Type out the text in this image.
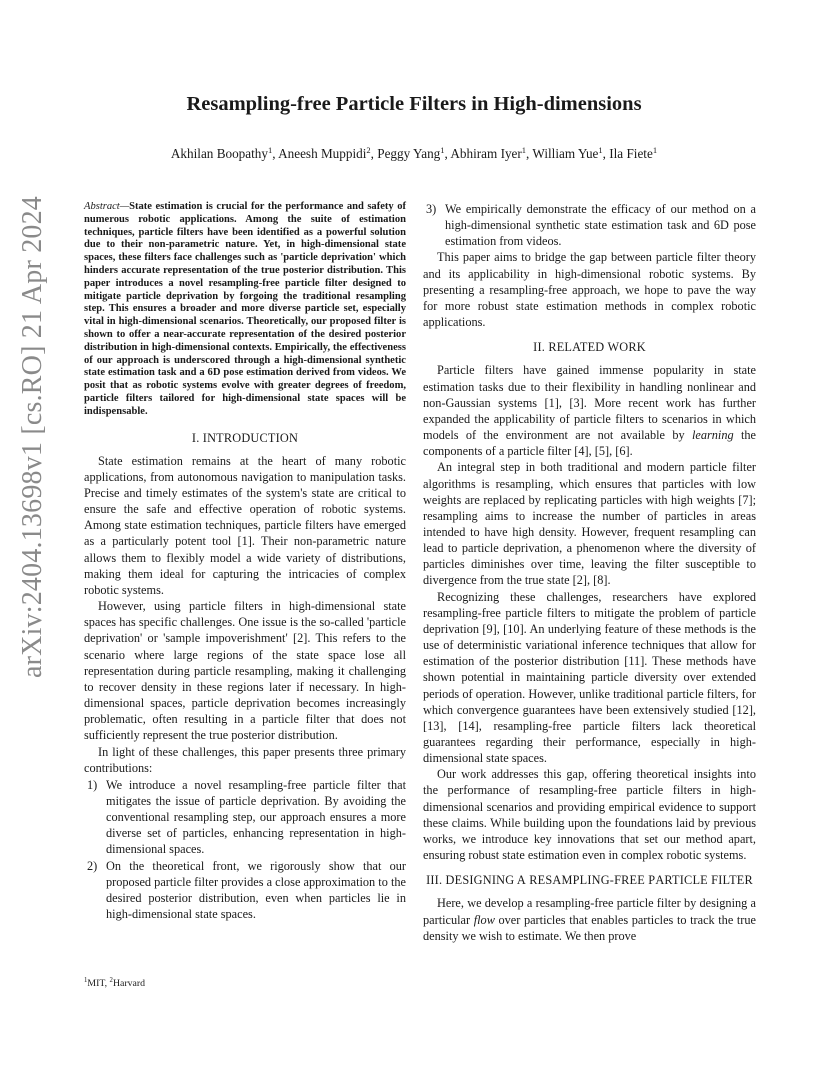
arXiv:2404.13698v1 [cs.RO] 21 Apr 2024
Resampling-free Particle Filters in High-dimensions
Akhilan Boopathy$^1$, Aneesh Muppidi$^2$, Peggy Yang$^1$, Abhiram Iyer$^1$, William Yue$^1$, Ila Fiete$^1$

Abstract—State estimation is crucial for the performance and safety of numerous robotic applications. Among the suite of estimation techniques, particle filters have been identified as a powerful solution due to their non-parametric nature. Yet, in high-dimensional state spaces, these filters face challenges such as 'particle deprivation' which hinders accurate representation of the true posterior distribution. This paper introduces a novel resampling-free particle filter designed to mitigate particle deprivation by forgoing the traditional resampling step. This ensures a broader and more diverse particle set, especially vital in high-dimensional scenarios. Theoretically, our proposed filter is shown to offer a near-accurate representation of the desired posterior distribution in high-dimensional contexts. Empirically, the effectiveness of our approach is underscored through a high-dimensional synthetic state estimation task and a 6D pose estimation derived from videos. We posit that as robotic systems evolve with greater degrees of freedom, particle filters tailored for high-dimensional state spaces will be indispensable.

I. INTRODUCTION

State estimation remains at the heart of many robotic applications, from autonomous navigation to manipulation tasks. Precise and timely estimates of the system's state are critical to ensure the safe and effective operation of robotic systems. Among state estimation techniques, particle filters have emerged as a particularly potent tool [1]. Their non-parametric nature allows them to flexibly model a wide variety of distributions, making them ideal for capturing the intricacies of complex robotic systems.

However, using particle filters in high-dimensional state spaces has specific challenges. One issue is the so-called 'particle deprivation' or 'sample impoverishment' [2]. This refers to the scenario where large regions of the state space lose all representation during particle resampling, making it challenging to recover density in these regions later if necessary. In high-dimensional spaces, particle deprivation becomes increasingly problematic, often resulting in a particle filter that does not sufficiently represent the true posterior distribution.

In light of these challenges, this paper presents three primary contributions:

1) We introduce a novel resampling-free particle filter that mitigates the issue of particle deprivation. By avoiding the conventional resampling step, our approach ensures a more diverse set of particles, enhancing representation in high-dimensional spaces.
2) On the theoretical front, we rigorously show that our proposed particle filter provides a close approximation to the desired posterior distribution, even when particles lie in high-dimensional state spaces.
$^1$MIT, $^2$Harvard
3) We empirically demonstrate the efficacy of our method on a high-dimensional synthetic state estimation task and 6D pose estimation from videos.

This paper aims to bridge the gap between particle filter theory and its applicability in high-dimensional robotic systems. By presenting a resampling-free approach, we hope to pave the way for more robust state estimation methods in complex robotic applications.

II. RELATED WORK

Particle filters have gained immense popularity in state estimation tasks due to their flexibility in handling nonlinear and non-Gaussian systems [1], [3]. More recent work has further expanded the applicability of particle filters to scenarios in which models of the environment are not available by learning the components of a particle filter [4], [5], [6].

An integral step in both traditional and modern particle filter algorithms is resampling, which ensures that particles with low weights are replaced by replicating particles with high weights [7]; resampling aims to increase the number of particles in areas intended to have high density. However, frequent resampling can lead to particle deprivation, a phenomenon where the diversity of particles diminishes over time, leaving the filter susceptible to divergence from the true state [2], [8].

Recognizing these challenges, researchers have explored resampling-free particle filters to mitigate the problem of particle deprivation [9], [10]. An underlying feature of these methods is the use of deterministic variational inference techniques that allow for estimation of the posterior distribution [11]. These methods have shown potential in maintaining particle diversity over extended periods of operation. However, unlike traditional particle filters, for which convergence guarantees have been extensively studied [12], [13], [14], resampling-free particle filters lack theoretical guarantees regarding their performance, especially in high-dimensional state spaces.

Our work addresses this gap, offering theoretical insights into the performance of resampling-free particle filters in high-dimensional scenarios and providing empirical evidence to support these claims. While building upon the foundations laid by previous works, we introduce key innovations that set our method apart, ensuring robust state estimation even in complex robotic systems.

III. DESIGNING A RESAMPLING-FREE PARTICLE FILTER

Here, we develop a resampling-free particle filter by designing a particular flow over particles that enables particles to track the true density we wish to estimate. We then prove
